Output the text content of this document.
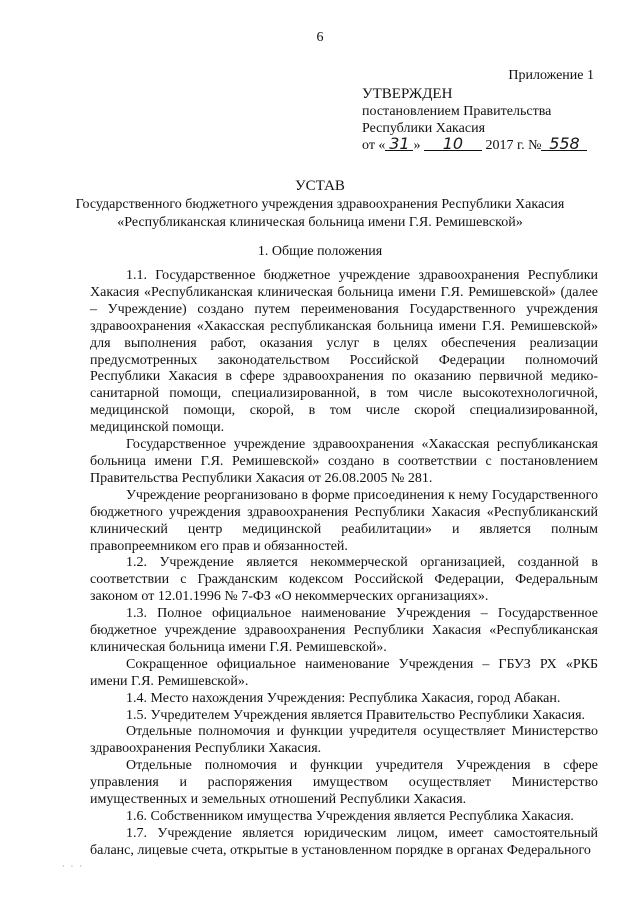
6
Приложение 1
УТВЕРЖДЕН
постановлением Правительства
Республики Хакасия
от « 31 » 10 2017 г. № 558
УСТАВ
Государственного бюджетного учреждения здравоохранения Республики Хакасия
«Республиканская клиническая больница имени Г.Я. Ремишевской»
1. Общие положения

1.1. Государственное бюджетное учреждение здравоохранения Республики Хакасия «Республиканская клиническая больница имени Г.Я. Ремишевской» (далее – Учреждение) создано путем переименования Государственного учреждения здравоохранения «Хакасская республиканская больница имени Г.Я. Ремишевской» для выполнения работ, оказания услуг в целях обеспечения реализации предусмотренных законодательством Российской Федерации полномочий Республики Хакасия в сфере здравоохранения по оказанию первичной медико-санитарной помощи, специализированной, в том числе высокотехнологичной, медицинской помощи, скорой, в том числе скорой специализированной, медицинской помощи.

Государственное учреждение здравоохранения «Хакасская республиканская больница имени Г.Я. Ремишевской» создано в соответствии с постановлением Правительства Республики Хакасия от 26.08.2005 № 281.

Учреждение реорганизовано в форме присоединения к нему Государственного бюджетного учреждения здравоохранения Республики Хакасия «Республиканский клинический центр медицинской реабилитации» и является полным правопреемником его прав и обязанностей.

1.2. Учреждение является некоммерческой организацией, созданной в соответствии с Гражданским кодексом Российской Федерации, Федеральным законом от 12.01.1996 № 7-ФЗ «О некоммерческих организациях».

1.3. Полное официальное наименование Учреждения – Государственное бюджетное учреждение здравоохранения Республики Хакасия «Республиканская клиническая больница имени Г.Я. Ремишевской».

Сокращенное официальное наименование Учреждения – ГБУЗ РХ «РКБ имени Г.Я. Ремишевской».

1.4. Место нахождения Учреждения: Республика Хакасия, город Абакан.

1.5. Учредителем Учреждения является Правительство Республики Хакасия.

Отдельные полномочия и функции учредителя осуществляет Министерство здравоохранения Республики Хакасия.

Отдельные полномочия и функции учредителя Учреждения в сфере управления и распоряжения имуществом осуществляет Министерство имущественных и земельных отношений Республики Хакасия.

1.6. Собственником имущества Учреждения является Республика Хакасия.

1.7. Учреждение является юридическим лицом, имеет самостоятельный баланс, лицевые счета, открытые в установленном порядке в органах Федерального

· · ·
